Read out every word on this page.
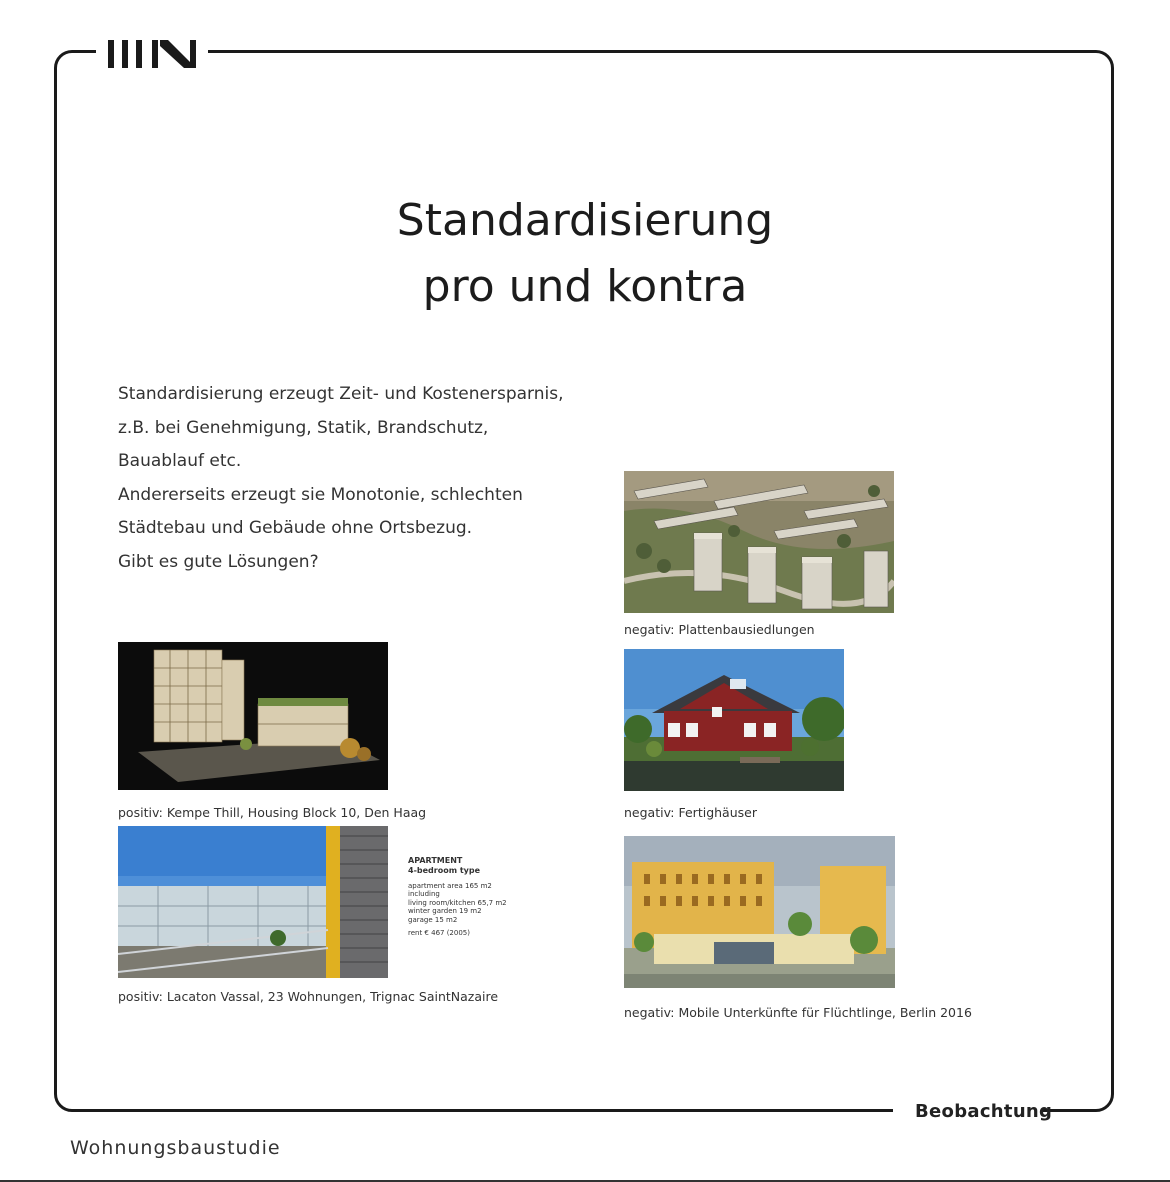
Beobachtung
Standardisierung
pro und kontra
Standardisierung erzeugt Zeit- und Kostenersparnis,
z.B. bei Genehmigung, Statik, Brandschutz,
Bauablauf etc.
Andererseits erzeugt sie Monotonie, schlechten
Städtebau und Gebäude ohne Ortsbezug.
Gibt es gute Lösungen?
negativ: Plattenbausiedlungen
positiv: Kempe Thill, Housing Block 10, Den Haag	negativ: Fertighäuser
APARTMENT
4-bedroom type
apartment area 165 m2
including
living room/kitchen 65,7 m2
winter garden 19 m2
garage 15 m2
rent € 467 (2005)
positiv: Lacaton Vassal, 23 Wohnungen, Trignac SaintNazaire
negativ: Mobile Unterkünfte für Flüchtlinge, Berlin 2016
Wohnungsbaustudie
